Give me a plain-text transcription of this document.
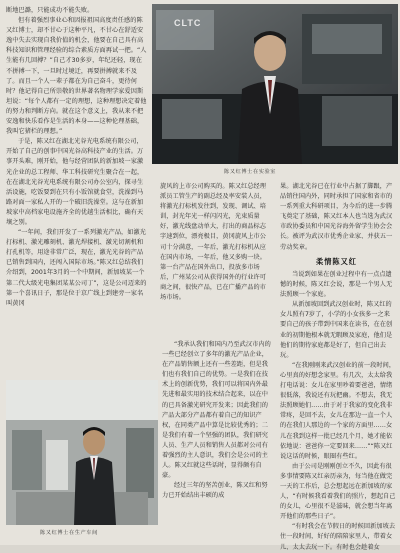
CLTC
陈又红博士在实验室

断地巴潞，只能成功不能失败。

但有着强烈事业心和因报祖国高度责任感的陈又红博士，却不甘心于这种平凡，不甘心在舒适安逸中失去实现自我价值的机会，他要在自己具有高科技知识和管理经验的综合素质方面再试一把。“人生能有几回搏？”自己才30多岁，年纪还轻，现在不拼搏一下，一旦时过境迁，再要拼搏就来不及了。而且一个人一辈子都在为自己奋斗，更待何时？他记得自己所崇敬的世界著名物理学家爱因斯坦说：“每个人都有一定的理想，这种理想决定着他的努力和判断方向。就在这个意义上，我从来不把安逸和快乐看作是生活的本身——这种伦理基础，我叫它猪栏的理想。”

于是，陈又红在湖北光谷光电系统有限公司，开始了自己的创事中国光谷高科技产业的生活。万事开头难，刚开始，他与经营团队的新加坡一家激光企业的总工程师、华工科技研究生聚合在一起，在在湖北光谷光电系统有限公司办公室内，探寻生活设施，吃饭要到在只有小饭馆就食堂，洗澡到马路对面一家私人开的一个破旧洗澡堂。这与在新加坡家中高档家电设施齐全的优越生活相比，确有天壤之别。

“一年间，我们开发了一系列激光产品，如激光打标机、激光雕刻机、激光焊接机、激光切割机和打孔机等，用途非常广泛，现在，激光光谷的产品已销售到国内，还闯入国际市场。”陈又红总结我们介绍到，2001年3月的一个中期间，新加坡某一个第二代大级光电集团某某公司丁”，这是公司迈来的第一个喜讯日子，那是位于京广线上到建旁一家名叫黄冈

陈又红博士在生产车间

旋风的上市公司购买的。陈又红总经理派员工管生产的副总经及率安装人员，将激光打标机发往到，发现、调试、培训，封光年光一样闪闪光，光束质量好，激光线盘动单大，打出的商品标志字速到位，漂亮极目，黄冈旋风上市公司十分满意，一年后，激光打标机从应在国内市场，一年后，他又多购一块。第一台产品在国外出口，投放多市场后，广州某公司从获得国外的行业许可商之间，很快产品，已在广播产品的市场市场。

“我承认我们和国内乃至武汉市内的一些已经创立了多年的激光产品企业，在产品销售额上还有一些差距，但是我们也有我们自己的优势。一是我们在技术上的创新优势，我们可以将国内外最先进和最实用的技术结合起来，以在中的已具备激光研究开发来；因此我们的产品大部分产品都有着自己的知识产权，在同类产品中算是比较优秀的；二是我们有着一个坚强的团队，我们研究人员、生产人员和销售人员都对公司有着强烈的主人意识，我们会是公司的主人。陈又红就这些话时，显得颇有自豪。

经过三年的坚苦创业，陈又红和努力已开始结出丰硕的成

果。湖北光谷已在行业中占据了脚跟，产品销往国内外，同时承担了国家和省市的一系列重大科研项目，为今后的进一步腾飞奠定了基础，陈又红本人也当选为武汉市政协委员和中国光谷海外留学生协会会长。被评为武汉市优秀企业家、并获五一劳动奖章。

柔情陈又红

当说到如果在创业过程中有一点点遗憾的时候，陈又红会说，那是一个男人无法照顾一个家庭。

从新加坡回到武汉创业时，陈又红的女儿照有7岁了，小学的小女孩多一之来要自己的孩子带到中国来在读书，在在创业的初期他根本就无暇顾及家庭，他们是他们的期待家庭都是好了，但自己出去玩。

“在我刚刚来武汉创业的前一段时间，心里真的好想念家里。有几次，太太给我打电话说：女儿在家里吵着要爸爸，情绪很低落，我说还有玩把幽。不想去，我无法照顾她们……由于对于我家的变化我非常疼，是回不去，女儿在那边一直一个人的在我们人那边的一个家的方面里……女儿在我到这样一批已经几个月，她才能依依地说：爸爸你一定要回来……”“陈又红说这话的时候，眼圈有些红。

由于公司是刚刚创立不久，因此有很多事情要陈又红亲历亲为，每当他在做完一天的工作后，总会想起远在新加坡的家人，“有时候我看着我们的照片，想起自己的女儿，心里很不是滋味，就会想当年离开他们的那些日子”。

“有时我会在节假日的时候回新加坡去住一段时间，好好的陪陪家里人，带着女儿、太太去玩一下。有时也会趁着女
